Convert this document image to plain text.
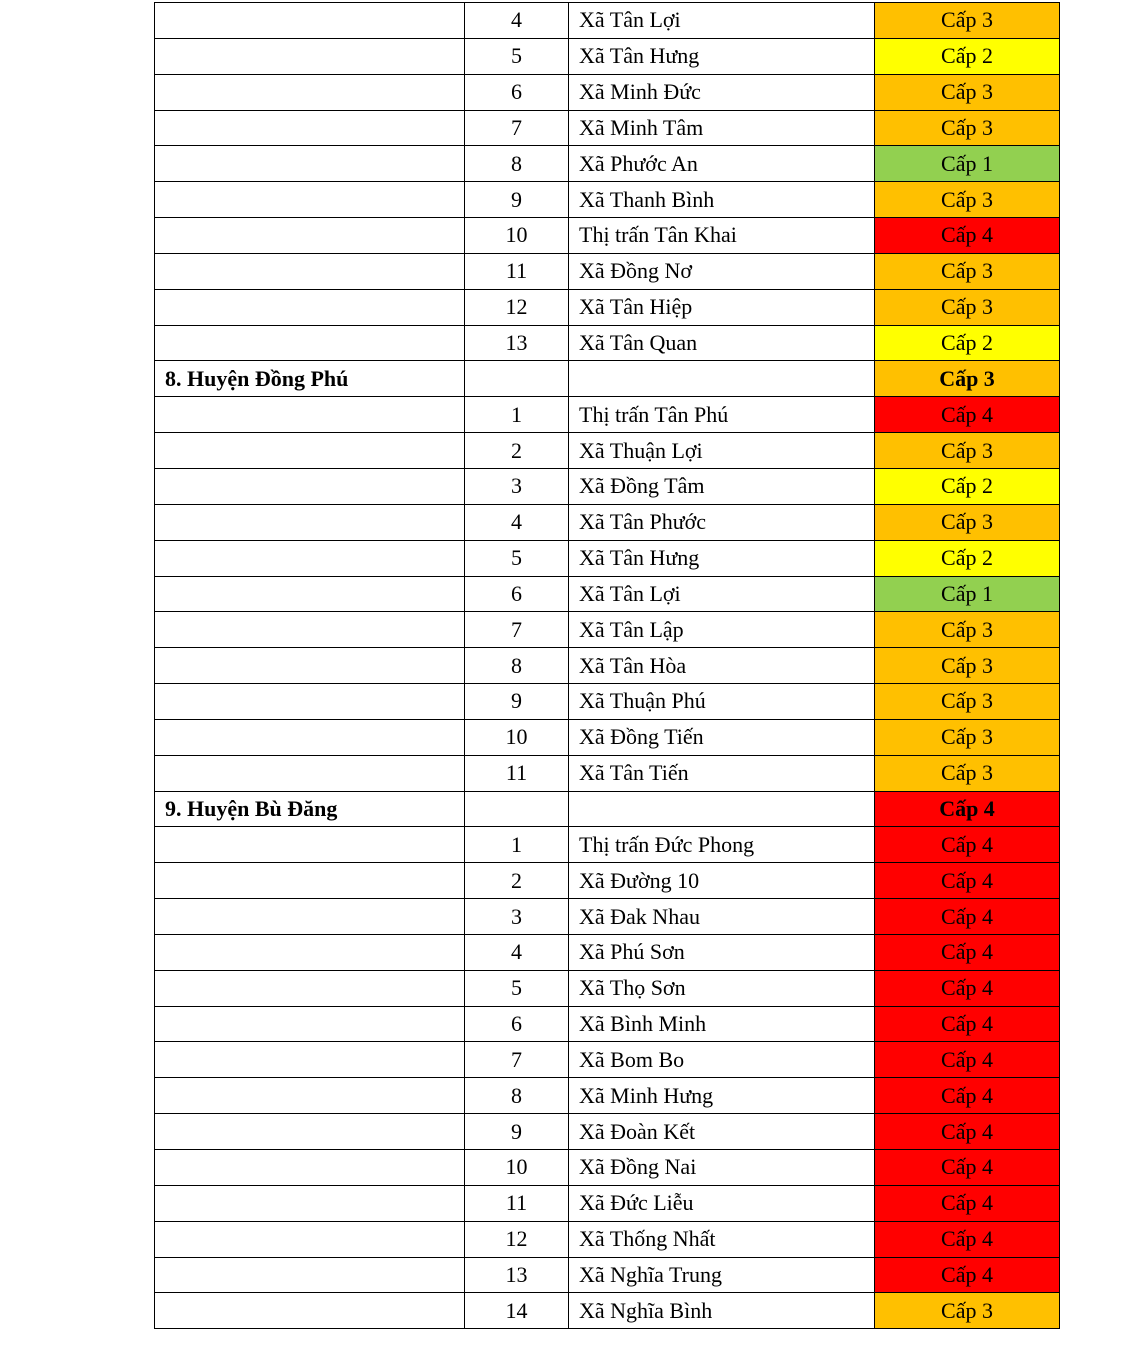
	4	Xã Tân Lợi	Cấp 3
	5	Xã Tân Hưng	Cấp 2
	6	Xã Minh Đức	Cấp 3
	7	Xã Minh Tâm	Cấp 3
	8	Xã Phước An	Cấp 1
	9	Xã Thanh Bình	Cấp 3
	10	Thị trấn Tân Khai	Cấp 4
	11	Xã Đồng Nơ	Cấp 3
	12	Xã Tân Hiệp	Cấp 3
	13	Xã Tân Quan	Cấp 2
8. Huyện Đồng Phú			Cấp 3
	1	Thị trấn Tân Phú	Cấp 4
	2	Xã Thuận Lợi	Cấp 3
	3	Xã Đồng Tâm	Cấp 2
	4	Xã Tân Phước	Cấp 3
	5	Xã Tân Hưng	Cấp 2
	6	Xã Tân Lợi	Cấp 1
	7	Xã Tân Lập	Cấp 3
	8	Xã Tân Hòa	Cấp 3
	9	Xã Thuận Phú	Cấp 3
	10	Xã Đồng Tiến	Cấp 3
	11	Xã Tân Tiến	Cấp 3
9. Huyện Bù Đăng			Cấp 4
	1	Thị trấn Đức Phong	Cấp 4
	2	Xã Đường 10	Cấp 4
	3	Xã Đak Nhau	Cấp 4
	4	Xã Phú Sơn	Cấp 4
	5	Xã Thọ Sơn	Cấp 4
	6	Xã Bình Minh	Cấp 4
	7	Xã Bom Bo	Cấp 4
	8	Xã Minh Hưng	Cấp 4
	9	Xã Đoàn Kết	Cấp 4
	10	Xã Đồng Nai	Cấp 4
	11	Xã Đức Liễu	Cấp 4
	12	Xã Thống Nhất	Cấp 4
	13	Xã Nghĩa Trung	Cấp 4
	14	Xã Nghĩa Bình	Cấp 3
